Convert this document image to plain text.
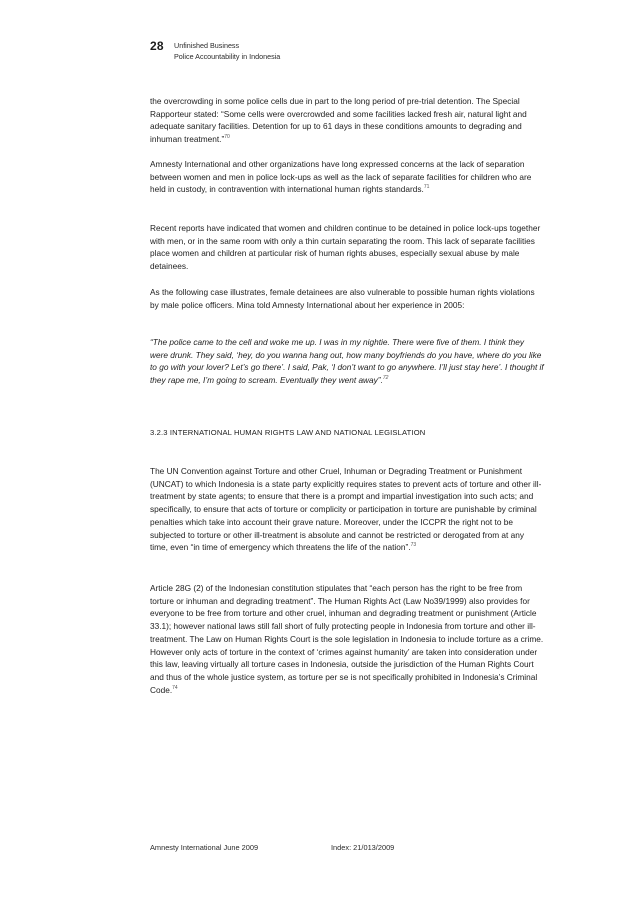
28 Unfinished Business
Police Accountability in Indonesia

the overcrowding in some police cells due in part to the long period of pre-trial detention. The Special Rapporteur stated: “Some cells were overcrowded and some facilities lacked fresh air, natural light and adequate sanitary facilities. Detention for up to 61 days in these conditions amounts to degrading and inhuman treatment.”$^{70}$

Amnesty International and other organizations have long expressed concerns at the lack of separation between women and men in police lock-ups as well as the lack of separate facilities for children who are held in custody, in contravention with international human rights standards.$^{71}$

Recent reports have indicated that women and children continue to be detained in police lock-ups together with men, or in the same room with only a thin curtain separating the room. This lack of separate facilities place women and children at particular risk of human rights abuses, especially sexual abuse by male detainees.

As the following case illustrates, female detainees are also vulnerable to possible human rights violations by male police officers. Mina told Amnesty International about her experience in 2005:

“The police came to the cell and woke me up. I was in my nightie. There were five of them. I think they were drunk. They said, ‘hey, do you wanna hang out, how many boyfriends do you have, where do you like to go with your lover? Let’s go there’. I said, Pak, ‘I don’t want to go anywhere. I’ll just stay here’. I thought if they rape me, I’m going to scream. Eventually they went away”.$^{72}$

3.2.3 INTERNATIONAL HUMAN RIGHTS LAW AND NATIONAL LEGISLATION

The UN Convention against Torture and other Cruel, Inhuman or Degrading Treatment or Punishment (UNCAT) to which Indonesia is a state party explicitly requires states to prevent acts of torture and other ill-treatment by state agents; to ensure that there is a prompt and impartial investigation into such acts; and specifically, to ensure that acts of torture or complicity or participation in torture are punishable by criminal penalties which take into account their grave nature. Moreover, under the ICCPR the right not to be subjected to torture or other ill-treatment is absolute and cannot be restricted or derogated from at any time, even “in time of emergency which threatens the life of the nation”.$^{73}$

Article 28G (2) of the Indonesian constitution stipulates that “each person has the right to be free from torture or inhuman and degrading treatment”. The Human Rights Act (Law No39/1999) also provides for everyone to be free from torture and other cruel, inhuman and degrading treatment or punishment (Article 33.1); however national laws still fall short of fully protecting people in Indonesia from torture and other ill-treatment. The Law on Human Rights Court is the sole legislation in Indonesia to include torture as a crime. However only acts of torture in the context of ‘crimes against humanity’ are taken into consideration under this law, leaving virtually all torture cases in Indonesia, outside the jurisdiction of the Human Rights Court and thus of the whole justice system, as torture per se is not specifically prohibited in Indonesia’s Criminal Code.$^{74}$

Amnesty International June 2009	Index: 21/013/2009
